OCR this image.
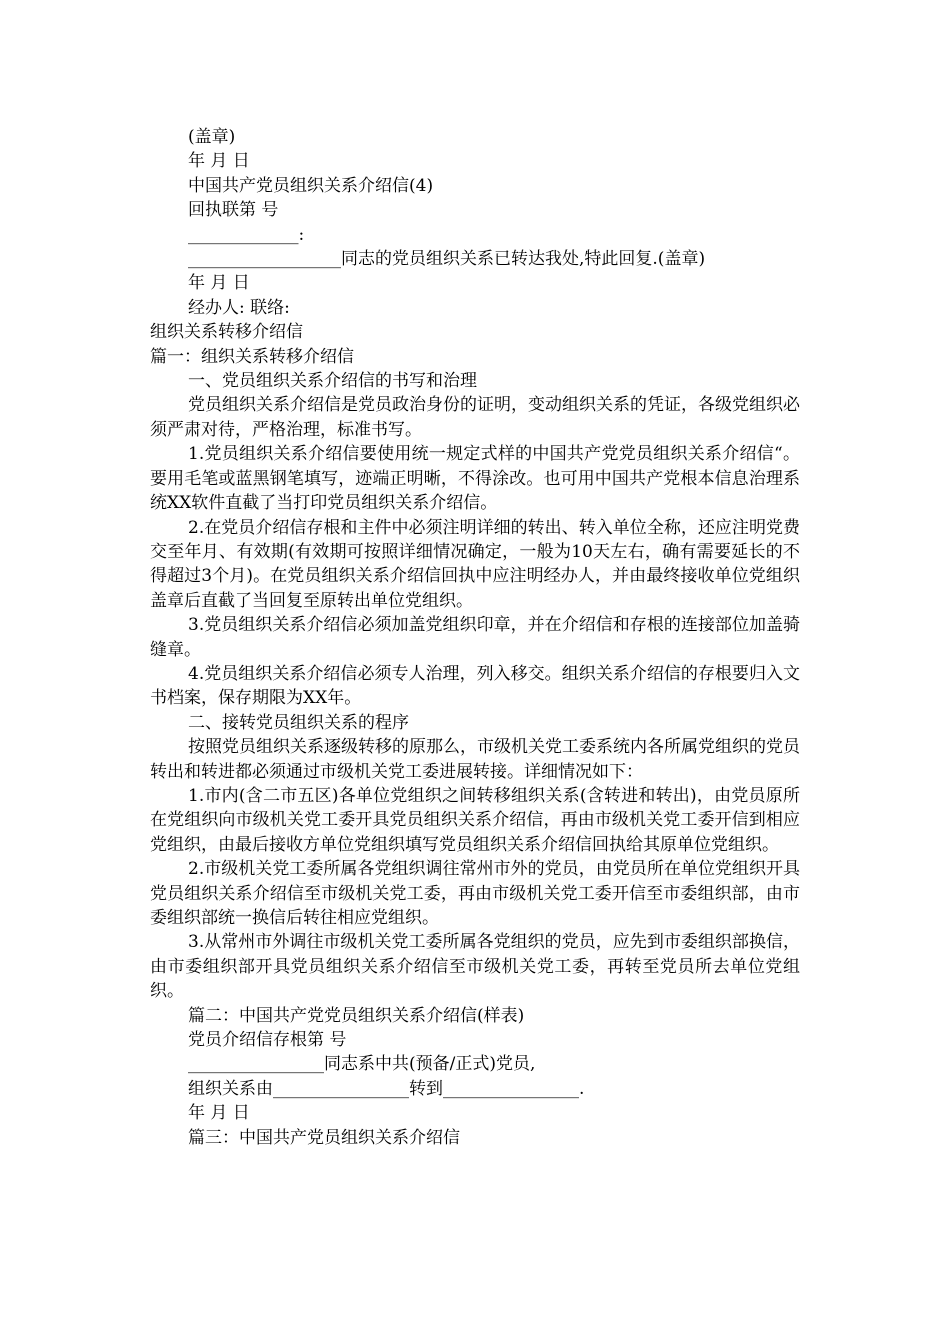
(盖章)
年 月 日
中国共产党员组织关系介绍信(4)
回执联第 号
_____________:
__________________同志的党员组织关系已转达我处,特此回复.(盖章)
年 月 日
经办人: 联络:
组织关系转移介绍信
篇一：组织关系转移介绍信
一、党员组织关系介绍信的书写和治理
党员组织关系介绍信是党员政治身份的证明，变动组织关系的凭证，各级党组织必须严肃对待，严格治理，标准书写。
1.党员组织关系介绍信要使用统一规定式样的中国共产党党员组织关系介绍信“。要用毛笔或蓝黑钢笔填写，迹端正明晰，不得涂改。也可用中国共产党根本信息治理系统XX软件直截了当打印党员组织关系介绍信。
2.在党员介绍信存根和主件中必须注明详细的转出、转入单位全称，还应注明党费交至年月、有效期(有效期可按照详细情况确定，一般为10天左右，确有需要延长的不得超过3个月)。在党员组织关系介绍信回执中应注明经办人，并由最终接收单位党组织盖章后直截了当回复至原转出单位党组织。
3.党员组织关系介绍信必须加盖党组织印章，并在介绍信和存根的连接部位加盖骑缝章。
4.党员组织关系介绍信必须专人治理，列入移交。组织关系介绍信的存根要归入文书档案，保存期限为XX年。
二、接转党员组织关系的程序
按照党员组织关系逐级转移的原那么，市级机关党工委系统内各所属党组织的党员转出和转进都必须通过市级机关党工委进展转接。详细情况如下：
1.市内(含二市五区)各单位党组织之间转移组织关系(含转进和转出)，由党员原所在党组织向市级机关党工委开具党员组织关系介绍信，再由市级机关党工委开信到相应党组织，由最后接收方单位党组织填写党员组织关系介绍信回执给其原单位党组织。
2.市级机关党工委所属各党组织调往常州市外的党员，由党员所在单位党组织开具党员组织关系介绍信至市级机关党工委，再由市级机关党工委开信至市委组织部，由市委组织部统一换信后转往相应党组织。
3.从常州市外调往市级机关党工委所属各党组织的党员，应先到市委组织部换信，由市委组织部开具党员组织关系介绍信至市级机关党工委，再转至党员所去单位党组织。
篇二：中国共产党党员组织关系介绍信(样表)
党员介绍信存根第 号
________________同志系中共(预备/正式)党员,
组织关系由________________转到________________.
年 月 日
篇三：中国共产党员组织关系介绍信
